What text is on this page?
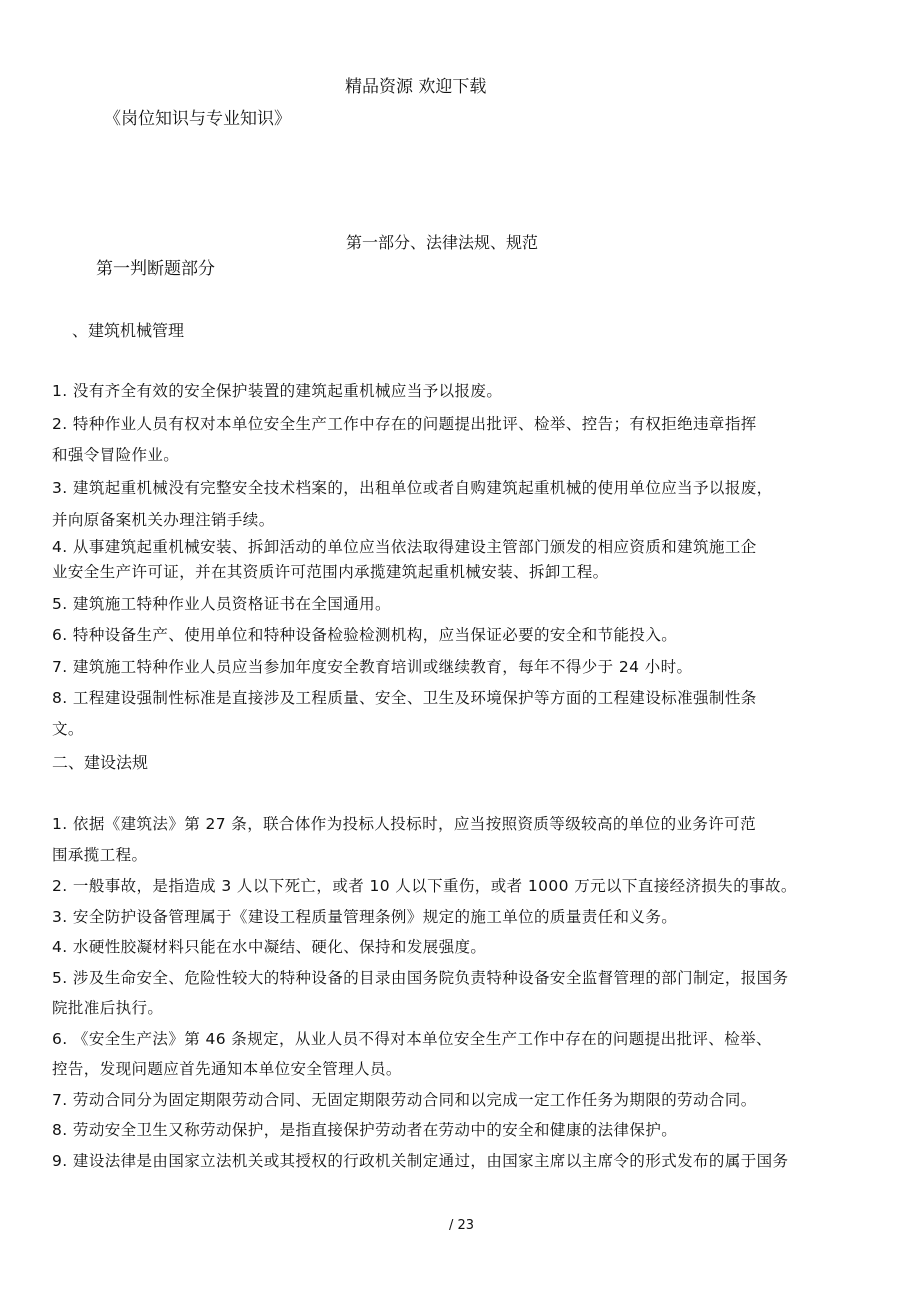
精品资源 欢迎下载
《岗位知识与专业知识》
第一部分、法律法规、规范
第一判断题部分
、建筑机械管理
1. 没有齐全有效的安全保护装置的建筑起重机械应当予以报废。
2. 特种作业人员有权对本单位安全生产工作中存在的问题提出批评、检举、控告；有权拒绝违章指挥
和强令冒险作业。
3. 建筑起重机械没有完整安全技术档案的，出租单位或者自购建筑起重机械的使用单位应当予以报废，
并向原备案机关办理注销手续。
4. 从事建筑起重机械安装、拆卸活动的单位应当依法取得建设主管部门颁发的相应资质和建筑施工企
业安全生产许可证，并在其资质许可范围内承揽建筑起重机械安装、拆卸工程。
5. 建筑施工特种作业人员资格证书在全国通用。
6. 特种设备生产、使用单位和特种设备检验检测机构，应当保证必要的安全和节能投入。
7. 建筑施工特种作业人员应当参加年度安全教育培训或继续教育，每年不得少于 24 小时。
8. 工程建设强制性标准是直接涉及工程质量、安全、卫生及环境保护等方面的工程建设标准强制性条
文。
二、建设法规
1. 依据《建筑法》第 27 条，联合体作为投标人投标时，应当按照资质等级较高的单位的业务许可范
围承揽工程。
2. 一般事故，是指造成 3 人以下死亡，或者 10 人以下重伤，或者 1000 万元以下直接经济损失的事故。
3. 安全防护设备管理属于《建设工程质量管理条例》规定的施工单位的质量责任和义务。
4. 水硬性胶凝材料只能在水中凝结、硬化、保持和发展强度。
5. 涉及生命安全、危险性较大的特种设备的目录由国务院负责特种设备安全监督管理的部门制定，报国务
院批准后执行。
6. 《安全生产法》第 46 条规定，从业人员不得对本单位安全生产工作中存在的问题提出批评、检举、
控告，发现问题应首先通知本单位安全管理人员。
7. 劳动合同分为固定期限劳动合同、无固定期限劳动合同和以完成一定工作任务为期限的劳动合同。
8. 劳动安全卫生又称劳动保护，是指直接保护劳动者在劳动中的安全和健康的法律保护。
9. 建设法律是由国家立法机关或其授权的行政机关制定通过，由国家主席以主席令的形式发布的属于国务
/ 23
